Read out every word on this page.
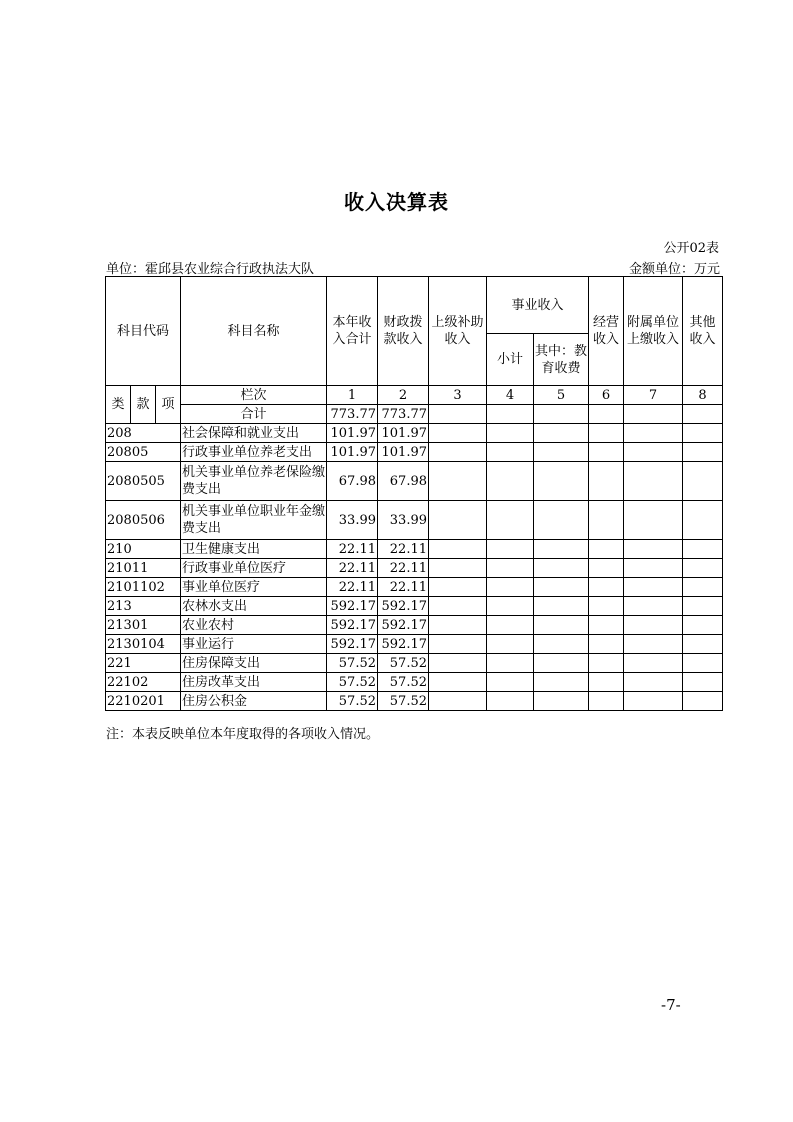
收入决算表
公开02表
单位：霍邱县农业综合行政执法大队	金额单位：万元
科目代码			科目名称	本年收入合计	财政拨款收入	上级补助收入	事业收入		经营收入	附属单位上缴收入	其他收入
							小计	其中：教育收费			
类	款	项	栏次	1	2	3	4	5	6	7	8
			合计	773.77	773.77						
208			社会保障和就业支出	101.97	101.97						
20805			行政事业单位养老支出	101.97	101.97						
2080505			机关事业单位养老保险缴费支出	67.98	67.98						
2080506			机关事业单位职业年金缴费支出	33.99	33.99						
210			卫生健康支出	22.11	22.11						
21011			行政事业单位医疗	22.11	22.11						
2101102			事业单位医疗	22.11	22.11						
213			农林水支出	592.17	592.17						
21301			农业农村	592.17	592.17						
2130104			事业运行	592.17	592.17						
221			住房保障支出	57.52	57.52						
22102			住房改革支出	57.52	57.52						
2210201			住房公积金	57.52	57.52						
注：本表反映单位本年度取得的各项收入情况。
-7-
